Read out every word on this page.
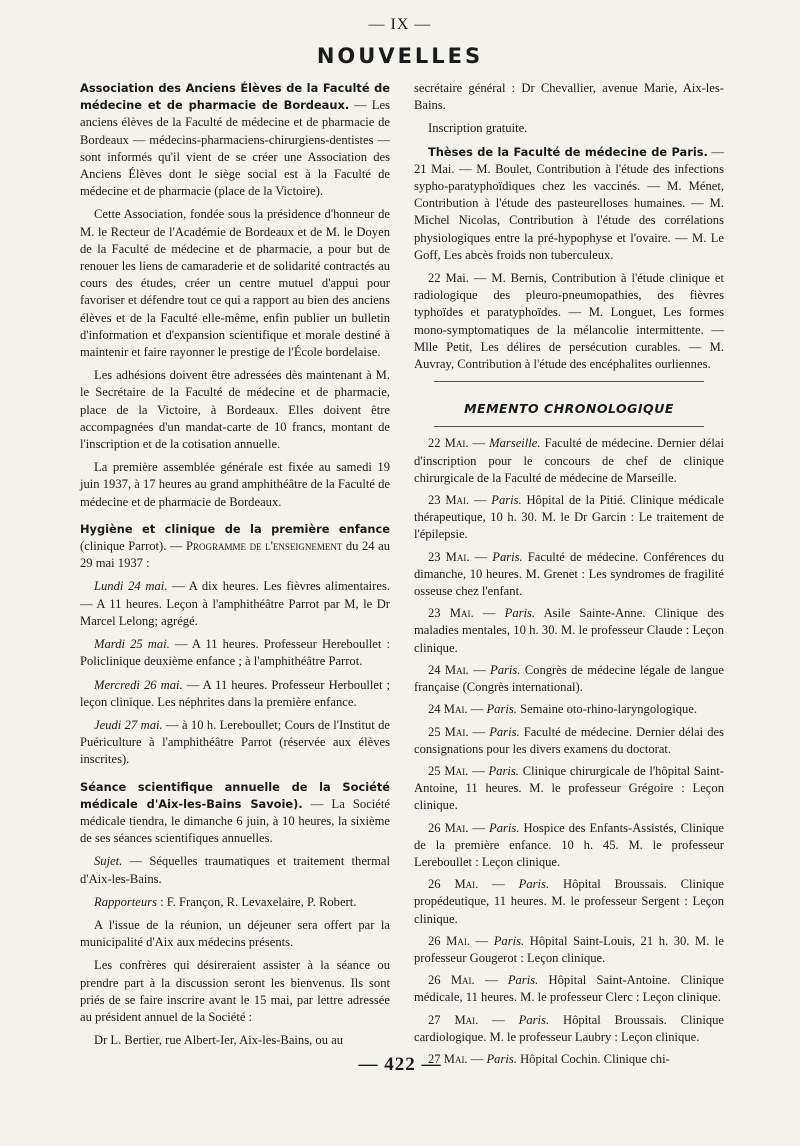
— IX —
NOUVELLES

Association des Anciens Élèves de la Faculté de médecine et de pharmacie de Bordeaux. — Les anciens élèves de la Faculté de médecine et de pharmacie de Bordeaux — médecins-pharmaciens-chirurgiens-dentistes — sont informés qu'il vient de se créer une Association des Anciens Élèves dont le siège social est à la Faculté de médecine et de pharmacie (place de la Victoire).

Cette Association, fondée sous la présidence d'honneur de M. le Recteur de l'Académie de Bordeaux et de M. le Doyen de la Faculté de médecine et de pharmacie, a pour but de renouer les liens de camaraderie et de solidarité contractés au cours des études, créer un centre mutuel d'appui pour favoriser et défendre tout ce qui a rapport au bien des anciens élèves et de la Faculté elle-même, enfin publier un bulletin d'information et d'expansion scientifique et morale destiné à maintenir et faire rayonner le prestige de l'École bordelaise.

Les adhésions doivent être adressées dès maintenant à M. le Secrétaire de la Faculté de médecine et de pharmacie, place de la Victoire, à Bordeaux. Elles doivent être accompagnées d'un mandat-carte de 10 francs, montant de l'inscription et de la cotisation annuelle.

La première assemblée générale est fixée au samedi 19 juin 1937, à 17 heures au grand amphithéâtre de la Faculté de médecine et de pharmacie de Bordeaux.

Hygiène et clinique de la première enfance (clinique Parrot). — Programme de l'enseignement du 24 au 29 mai 1937 :

Lundi 24 mai. — A dix heures. Les fièvres alimentaires. — A 11 heures. Leçon à l'amphithéâtre Parrot par M, le Dr Marcel Lelong; agrégé.

Mardi 25 mai. — A 11 heures. Professeur Hereboullet : Policlinique deuxième enfance ; à l'amphithéâtre Parrot.

Mercredi 26 mai. — A 11 heures. Professeur Herboullet ; leçon clinique. Les néphrites dans la première enfance.

Jeudi 27 mai. — à 10 h. Lereboullet; Cours de l'Institut de Puériculture à l'amphithéâtre Parrot (réservée aux élèves inscrites).

Séance scientifique annuelle de la Société médicale d'Aix-les-Bains Savoie). — La Société médicale tiendra, le dimanche 6 juin, à 10 heures, la sixième de ses séances scientifiques annuelles.

Sujet. — Séquelles traumatiques et traitement thermal d'Aix-les-Bains.

Rapporteurs : F. Françon, R. Levaxelaire, P. Robert.

A l'issue de la réunion, un déjeuner sera offert par la municipalité d'Aix aux médecins présents.

Les confrères qui désireraient assister à la séance ou prendre part à la discussion seront les bienvenus. Ils sont priés de se faire inscrire avant le 15 mai, par lettre adressée au président annuel de la Société :

Dr L. Bertier, rue Albert-Ier, Aix-les-Bains, ou au

secrétaire général : Dr Chevallier, avenue Marie, Aix-les-Bains.

Inscription gratuite.

Thèses de la Faculté de médecine de Paris. — 21 Mai. — M. Boulet, Contribution à l'étude des infections sypho-paratyphoïdiques chez les vaccinés. — M. Ménet, Contribution à l'étude des pasteurelloses humaines. — M. Michel Nicolas, Contribution à l'étude des corrélations physiologiques entre la pré-hypophyse et l'ovaire. — M. Le Goff, Les abcès froids non tuberculeux.

22 Mai. — M. Bernis, Contribution à l'étude clinique et radiologique des pleuro-pneumopathies, des fièvres typhoïdes et paratyphoïdes. — M. Longuet, Les formes mono-symptomatiques de la mélancolie intermittente. — Mlle Petit, Les délires de persécution curables. — M. Auvray, Contribution à l'étude des encéphalites ourliennes.

MEMENTO CHRONOLOGIQUE

22 Mai. — Marseille. Faculté de médecine. Dernier délai d'inscription pour le concours de chef de clinique chirurgicale de la Faculté de médecine de Marseille.

23 Mai. — Paris. Hôpital de la Pitié. Clinique médicale thérapeutique, 10 h. 30. M. le Dr Garcin : Le traitement de l'épilepsie.

23 Mai. — Paris. Faculté de médecine. Conférences du dimanche, 10 heures. M. Grenet : Les syndromes de fragilité osseuse chez l'enfant.

23 Mai. — Paris. Asile Sainte-Anne. Clinique des maladies mentales, 10 h. 30. M. le professeur Claude : Leçon clinique.

24 Mai. — Paris. Congrès de médecine légale de langue française (Congrès international).

24 Mai. — Paris. Semaine oto-rhino-laryngologique.

25 Mai. — Paris. Faculté de médecine. Dernier délai des consignations pour les divers examens du doctorat.

25 Mai. — Paris. Clinique chirurgicale de l'hôpital Saint-Antoine, 11 heures. M. le professeur Grégoire : Leçon clinique.

26 Mai. — Paris. Hospice des Enfants-Assistés, Clinique de la première enfance. 10 h. 45. M. le professeur Lereboullet : Leçon clinique.

26 Mai. — Paris. Hôpital Broussais. Clinique propédeutique, 11 heures. M. le professeur Sergent : Leçon clinique.

26 Mai. — Paris. Hôpital Saint-Louis, 21 h. 30. M. le professeur Gougerot : Leçon clinique.

26 Mai. — Paris. Hôpital Saint-Antoine. Clinique médicale, 11 heures. M. le professeur Clerc : Leçon clinique.

27 Mai. — Paris. Hôpital Broussais. Clinique cardiologique. M. le professeur Laubry : Leçon clinique.

27 Mai. — Paris. Hôpital Cochin. Clinique chi-

— 422 —
